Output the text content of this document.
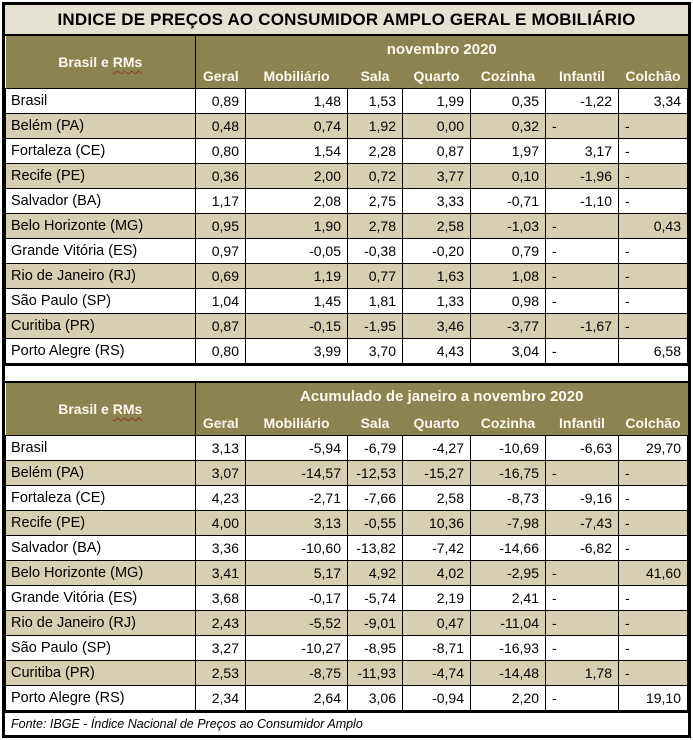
INDICE DE PREÇOS AO CONSUMIDOR AMPLO GERAL E MOBILIÁRIO
Brasil e RMs	novembro 2020						
	Geral	Mobiliário	Sala	Quarto	Cozinha	Infantil	Colchão
Brasil	0,89	1,48	1,53	1,99	0,35	-1,22	3,34
Belém (PA)	0,48	0,74	1,92	0,00	0,32	-	-
Fortaleza (CE)	0,80	1,54	2,28	0,87	1,97	3,17	-
Recife (PE)	0,36	2,00	0,72	3,77	0,10	-1,96	-
Salvador (BA)	1,17	2,08	2,75	3,33	-0,71	-1,10	-
Belo Horizonte (MG)	0,95	1,90	2,78	2,58	-1,03	-	0,43
Grande Vitória (ES)	0,97	-0,05	-0,38	-0,20	0,79	-	-
Rio de Janeiro (RJ)	0,69	1,19	0,77	1,63	1,08	-	-
São Paulo (SP)	1,04	1,45	1,81	1,33	0,98	-	-
Curitiba (PR)	0,87	-0,15	-1,95	3,46	-3,77	-1,67	-
Porto Alegre (RS)	0,80	3,99	3,70	4,43	3,04	-	6,58
Brasil e RMs	Acumulado de janeiro a novembro 2020						
	Geral	Mobiliário	Sala	Quarto	Cozinha	Infantil	Colchão
Brasil	3,13	-5,94	-6,79	-4,27	-10,69	-6,63	29,70
Belém (PA)	3,07	-14,57	-12,53	-15,27	-16,75	-	-
Fortaleza (CE)	4,23	-2,71	-7,66	2,58	-8,73	-9,16	-
Recife (PE)	4,00	3,13	-0,55	10,36	-7,98	-7,43	-
Salvador (BA)	3,36	-10,60	-13,82	-7,42	-14,66	-6,82	-
Belo Horizonte (MG)	3,41	5,17	4,92	4,02	-2,95	-	41,60
Grande Vitória (ES)	3,68	-0,17	-5,74	2,19	2,41	-	-
Rio de Janeiro (RJ)	2,43	-5,52	-9,01	0,47	-11,04	-	-
São Paulo (SP)	3,27	-10,27	-8,95	-8,71	-16,93	-	-
Curitiba (PR)	2,53	-8,75	-11,93	-4,74	-14,48	1,78	-
Porto Alegre (RS)	2,34	2,64	3,06	-0,94	2,20	-	19,10
Fonte: IBGE - Índice Nacional de Preços ao Consumidor Amplo
